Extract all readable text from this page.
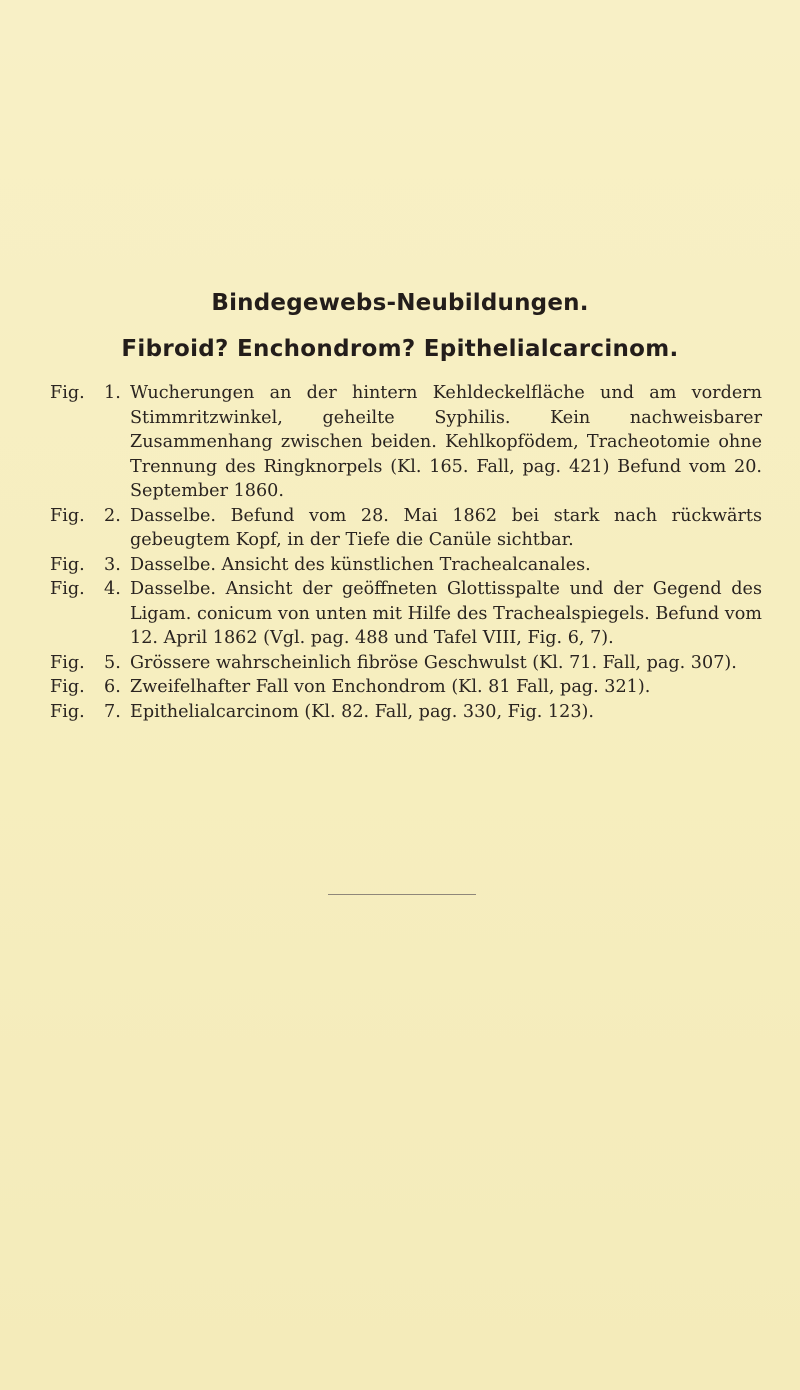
Bindegewebs-Neubildungen.
Fibroid? Enchondrom? Epithelialcarcinom.
Fig.	1. Wucherungen an der hintern Kehldeckelfläche und am vordern Stimmritzwinkel, geheilte Syphilis. Kein nachweisbarer Zusammenhang zwischen beiden. Kehlkopfödem, Tracheotomie ohne Trennung des Ringknorpels (Kl. 165. Fall, pag. 421) Befund vom 20. September 1860.
Fig.	2. Dasselbe. Befund vom 28. Mai 1862 bei stark nach rückwärts gebeugtem Kopf, in der Tiefe die Canüle sichtbar.
Fig.	3. Dasselbe. Ansicht des künstlichen Trachealcanales.
Fig.	4. Dasselbe. Ansicht der geöffneten Glottisspalte und der Gegend des Ligam. conicum von unten mit Hilfe des Trachealspiegels. Befund vom 12. April 1862 (Vgl. pag. 488 und Tafel VIII, Fig. 6, 7).
Fig.	5. Grössere wahrscheinlich fibröse Geschwulst (Kl. 71. Fall, pag. 307).
Fig.	6. Zweifelhafter Fall von Enchondrom (Kl. 81 Fall, pag. 321).
Fig.	7. Epithelialcarcinom (Kl. 82. Fall, pag. 330, Fig. 123).
